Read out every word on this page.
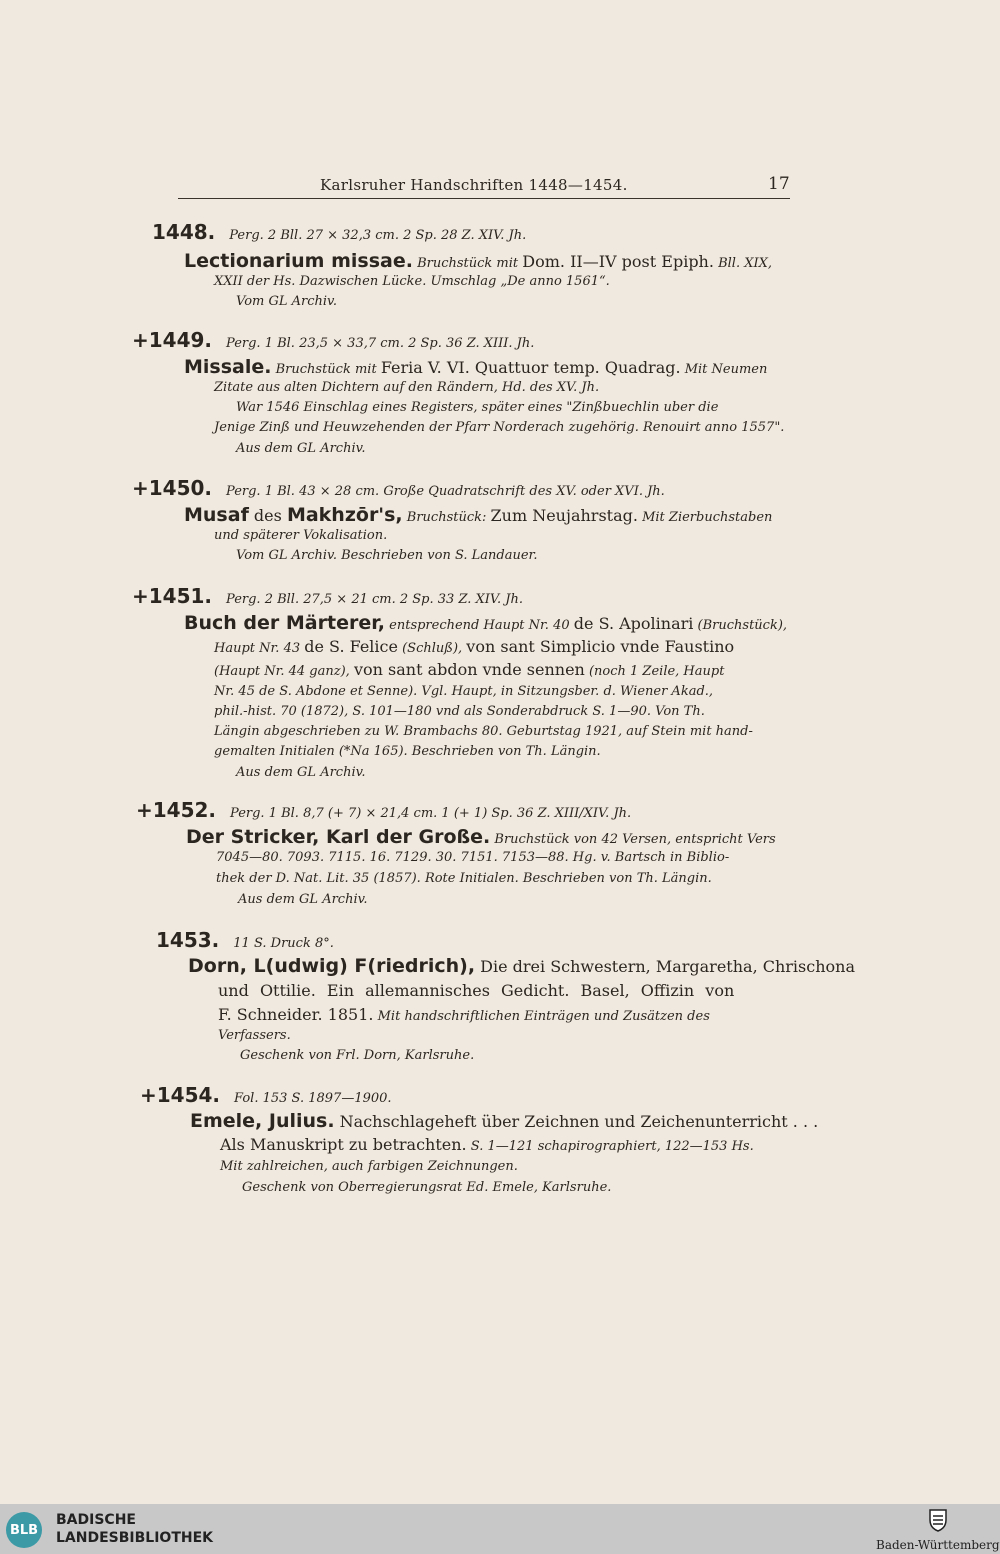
Karlsruher Handschriften 1448—1454.	17
1448. Perg. 2 Bll. 27 × 32,3 cm. 2 Sp. 28 Z. XIV. Jh.
Lectionarium missae. Bruchstück mit Dom. II—IV post Epiph. Bll. XIX,
XXII der Hs. Dazwischen Lücke. Umschlag „De anno 1561“.
Vom GL Archiv.
+1449. Perg. 1 Bl. 23,5 × 33,7 cm. 2 Sp. 36 Z. XIII. Jh.
Missale. Bruchstück mit Feria V. VI. Quattuor temp. Quadrag. Mit Neumen
Zitate aus alten Dichtern auf den Rändern, Hd. des XV. Jh.
War 1546 Einschlag eines Registers, später eines "Zinßbuechlin uber die
Jenige Zinß und Heuwzehenden der Pfarr Norderach zugehörig. Renouirt anno 1557".
Aus dem GL Archiv.
+1450. Perg. 1 Bl. 43 × 28 cm. Große Quadratschrift des XV. oder XVI. Jh.
Musaf des Makhzōr's, Bruchstück: Zum Neujahrstag. Mit Zierbuchstaben
und späterer Vokalisation.
Vom GL Archiv. Beschrieben von S. Landauer.
+1451. Perg. 2 Bll. 27,5 × 21 cm. 2 Sp. 33 Z. XIV. Jh.
Buch der Märterer, entsprechend Haupt Nr. 40 de S. Apolinari (Bruchstück),
Haupt Nr. 43 de S. Felice (Schluß), von sant Simplicio vnde Faustino
(Haupt Nr. 44 ganz), von sant abdon vnde sennen (noch 1 Zeile, Haupt
Nr. 45 de S. Abdone et Senne). Vgl. Haupt, in Sitzungsber. d. Wiener Akad.,
phil.-hist. 70 (1872), S. 101—180 vnd als Sonderabdruck S. 1—90. Von Th.
Längin abgeschrieben zu W. Brambachs 80. Geburtstag 1921, auf Stein mit hand-
gemalten Initialen (*Na 165). Beschrieben von Th. Längin.
Aus dem GL Archiv.
+1452. Perg. 1 Bl. 8,7 (+ 7) × 21,4 cm. 1 (+ 1) Sp. 36 Z. XIII/XIV. Jh.
Der Stricker, Karl der Große. Bruchstück von 42 Versen, entspricht Vers
7045—80. 7093. 7115. 16. 7129. 30. 7151. 7153—88. Hg. v. Bartsch in Biblio-
thek der D. Nat. Lit. 35 (1857). Rote Initialen. Beschrieben von Th. Längin.
Aus dem GL Archiv.
1453. 11 S. Druck 8°.
Dorn, L(udwig) F(riedrich), Die drei Schwestern, Margaretha, Chrischona
und Ottilie. Ein allemannisches Gedicht. Basel, Offizin von
F. Schneider. 1851. Mit handschriftlichen Einträgen und Zusätzen des
Verfassers.
Geschenk von Frl. Dorn, Karlsruhe.
+1454. Fol. 153 S. 1897—1900.
Emele, Julius. Nachschlageheft über Zeichnen und Zeichenunterricht . . .
Als Manuskript zu betrachten. S. 1—121 schapirographiert, 122—153 Hs.
Mit zahlreichen, auch farbigen Zeichnungen.
Geschenk von Oberregierungsrat Ed. Emele, Karlsruhe.
BLB
BADISCHE
LANDESBIBLIOTHEK	Baden-Württemberg
